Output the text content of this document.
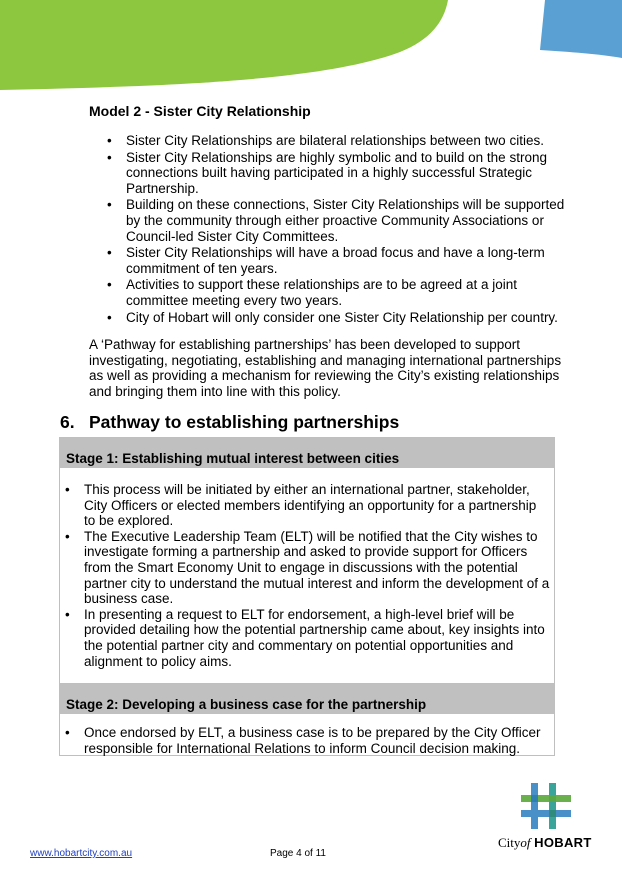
Model 2 - Sister City Relationship
• Sister City Relationships are bilateral relationships between two cities.
• Sister City Relationships are highly symbolic and to build on the strong connections built having participated in a highly successful Strategic Partnership.
• Building on these connections, Sister City Relationships will be supported by the community through either proactive Community Associations or Council-led Sister City Committees.
• Sister City Relationships will have a broad focus and have a long-term commitment of ten years.
• Activities to support these relationships are to be agreed at a joint committee meeting every two years.
• City of Hobart will only consider one Sister City Relationship per country.

A ‘Pathway for establishing partnerships’ has been developed to support investigating, negotiating, establishing and managing international partnerships as well as providing a mechanism for reviewing the City’s existing relationships and bringing them into line with this policy.

6. Pathway to establishing partnerships
Stage 1: Establishing mutual interest between cities
• This process will be initiated by either an international partner, stakeholder, City Officers or elected members identifying an opportunity for a partnership to be explored.
• The Executive Leadership Team (ELT) will be notified that the City wishes to investigate forming a partnership and asked to provide support for Officers from the Smart Economy Unit to engage in discussions with the potential partner city to understand the mutual interest and inform the development of a business case.
• In presenting a request to ELT for endorsement, a high-level brief will be provided detailing how the potential partnership came about, key insights into the potential partner city and commentary on potential opportunities and alignment to policy aims.
Stage 2: Developing a business case for the partnership
• Once endorsed by ELT, a business case is to be prepared by the City Officer responsible for International Relations to inform Council decision making.
Cityof HOBART
www.hobartcity.com.au	Page 4 of 11
